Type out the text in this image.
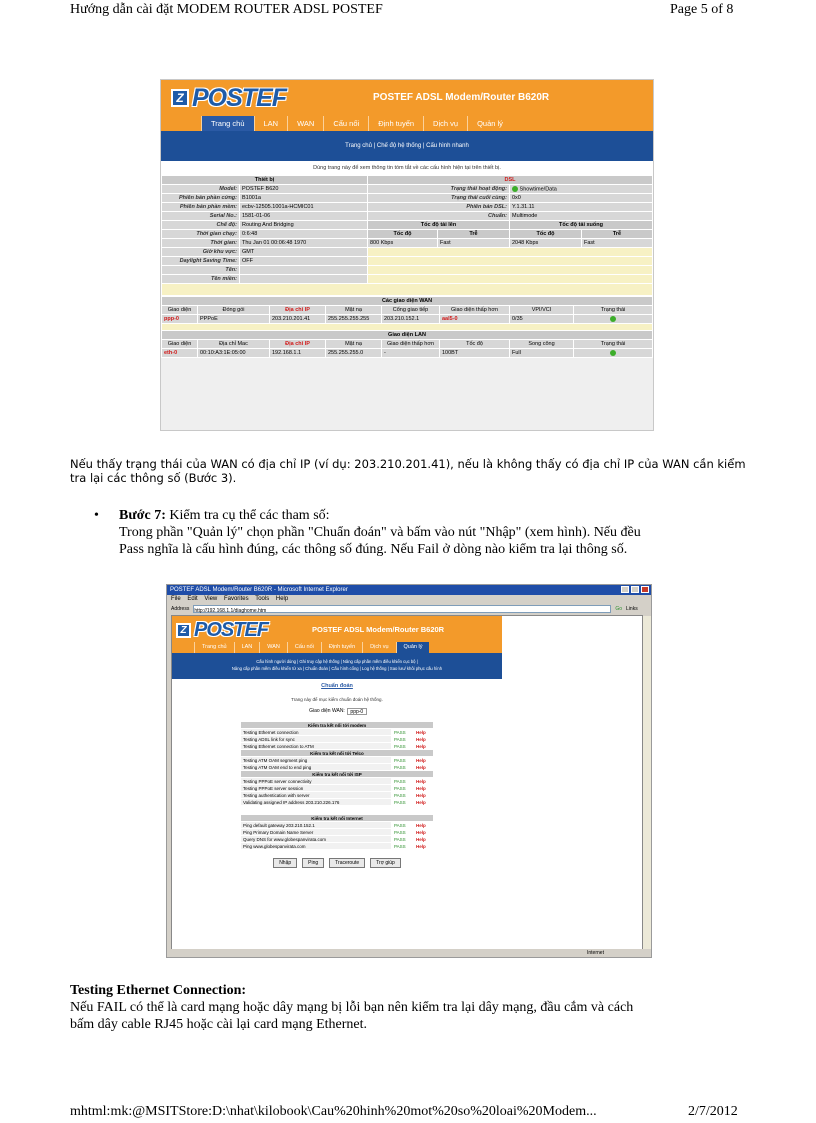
Hướng dẫn cài đặt MODEM ROUTER ADSL POSTEF	Page 5 of 8
Z POSTEF	POSTEF ADSL Modem/Router B620R
Trang chủ	LAN	WAN	Cấu nối	Định tuyến	Dịch vụ	Quản lý
Trang chủ | Chế độ hệ thống | Cấu hình nhanh
Dùng trang này để xem thông tin tóm tắt về các cấu hình hiện tại trên thiết bị.
Thiết bị		DSL			
Model:	POSTEF B620	Trạng thái hoạt động:		Showtime/Data	
Phiên bản phần cứng:	B1001a	Trạng thái cuối cùng:		0x0	
Phiên bản phần mềm:	ecbv-12505.1001a-HCMIC01	Phiên bản DSL:		Y.1.31.11	
Serial No.:	1581-01-06	Chuẩn:		Multimode	
Chế độ:	Routing And Bridging	Tốc độ tải lên		Tốc độ tải xuống	
Thời gian chạy:	0:6:48	Tốc độ	Trễ	Tốc độ	Trễ
Thời gian:	Thu Jan 01 00:06:48 1970	800 Kbps	Fast	2048 Kbps	Fast
Giờ khu vực:	GMT				
Daylight Saving Time:	OFF				
Tên:					
Tên miền:					

Các giao diện WAN							
Giao diện	Đóng gói	Địa chỉ IP	Mặt nạ	Cổng giao tiếp	Giao diện thấp hơn	VPI/VCI	Trạng thái
ppp-0	PPPoE	203.210.201.41	255.255.255.255	203.210.152.1	aal5-0	0/35	

Giao diện LAN							
Giao diện	Địa chỉ Mac	Địa chỉ IP	Mặt nạ	Giao diện thấp hơn	Tốc độ	Song công	Trạng thái
eth-0	00:10:A3:1E:05:00	192.168.1.1	255.255.255.0	-	100BT	Full	
Nếu thấy trạng thái của WAN có địa chỉ IP (ví dụ: 203.210.201.41), nếu là không thấy có địa chỉ IP của WAN cần kiểm tra lại các thông số (Bước 3).
• Bước 7: Kiểm tra cụ thể các tham số:
Trong phần "Quản lý" chọn phần "Chuẩn đoán" và bấm vào nút "Nhập" (xem hình). Nếu đều
Pass nghĩa là cấu hình đúng, các thông số đúng. Nếu Fail ở dòng nào kiểm tra lại thông số.
POSTEF ADSL Modem/Router B620R - Microsoft Internet Explorer
File Edit View Favorites Tools Help
Address http://192.168.1.1/diaghome.htm	Go Links
Z POSTEF	POSTEF ADSL Modem/Router B620R
Trang chủ	LAN	WAN	Cấu nối	Định tuyến	Dịch vụ	Quản lý
Cấu hình người dùng | Ghi truy cập hệ thống | Nâng cấp phần mềm điều khiển cục bộ |
Nâng cấp phần mềm điều khiển từ xa | Chuẩn đoán | Cấu hình cổng | Log hệ thống | Sao lưu/ khôi phục cấu hình
Chuẩn đoán
Trang này để mục kiểm chuẩn đoán hệ thống.
Giao diện WAN: ppp-0
Kiểm tra kết nối tới modem		
Testing Ethernet connection	PASS	Help
Testing ADSL link for sync	PASS	Help
Testing Ethernet connection to ATM	PASS	Help
Kiểm tra kết nối tới Telco		
Testing ATM OAM segment ping	PASS	Help
Testing ATM OAM end to end ping	PASS	Help
Kiểm tra kết nối tới ISP		
Testing PPPoE server connectivity	PASS	Help
Testing PPPoE server session	PASS	Help
Testing authentication with server	PASS	Help
Validating assigned IP address 203.210.226.176	PASS	Help

Kiểm tra kết nối Internet		
Ping default gateway 203.210.152.1	PASS	Help
Ping Primary Domain Name Server	PASS	Help
Query DNS for www.globespanvirata.com	PASS	Help
Ping www.globespanvirata.com	PASS	Help
Nhập	Ping	Traceroute	Trợ giúp
Internet
Testing Ethernet Connection:
Nếu FAIL có thể là card mạng hoặc dây mạng bị lỗi bạn nên kiểm tra lại dây mạng, đầu cắm và cách
bấm dây cable RJ45 hoặc cài lại card mạng Ethernet.
mhtml:mk:@MSITStore:D:\nhat\kilobook\Cau%20hinh%20mot%20so%20loai%20Modem...	2/7/2012
